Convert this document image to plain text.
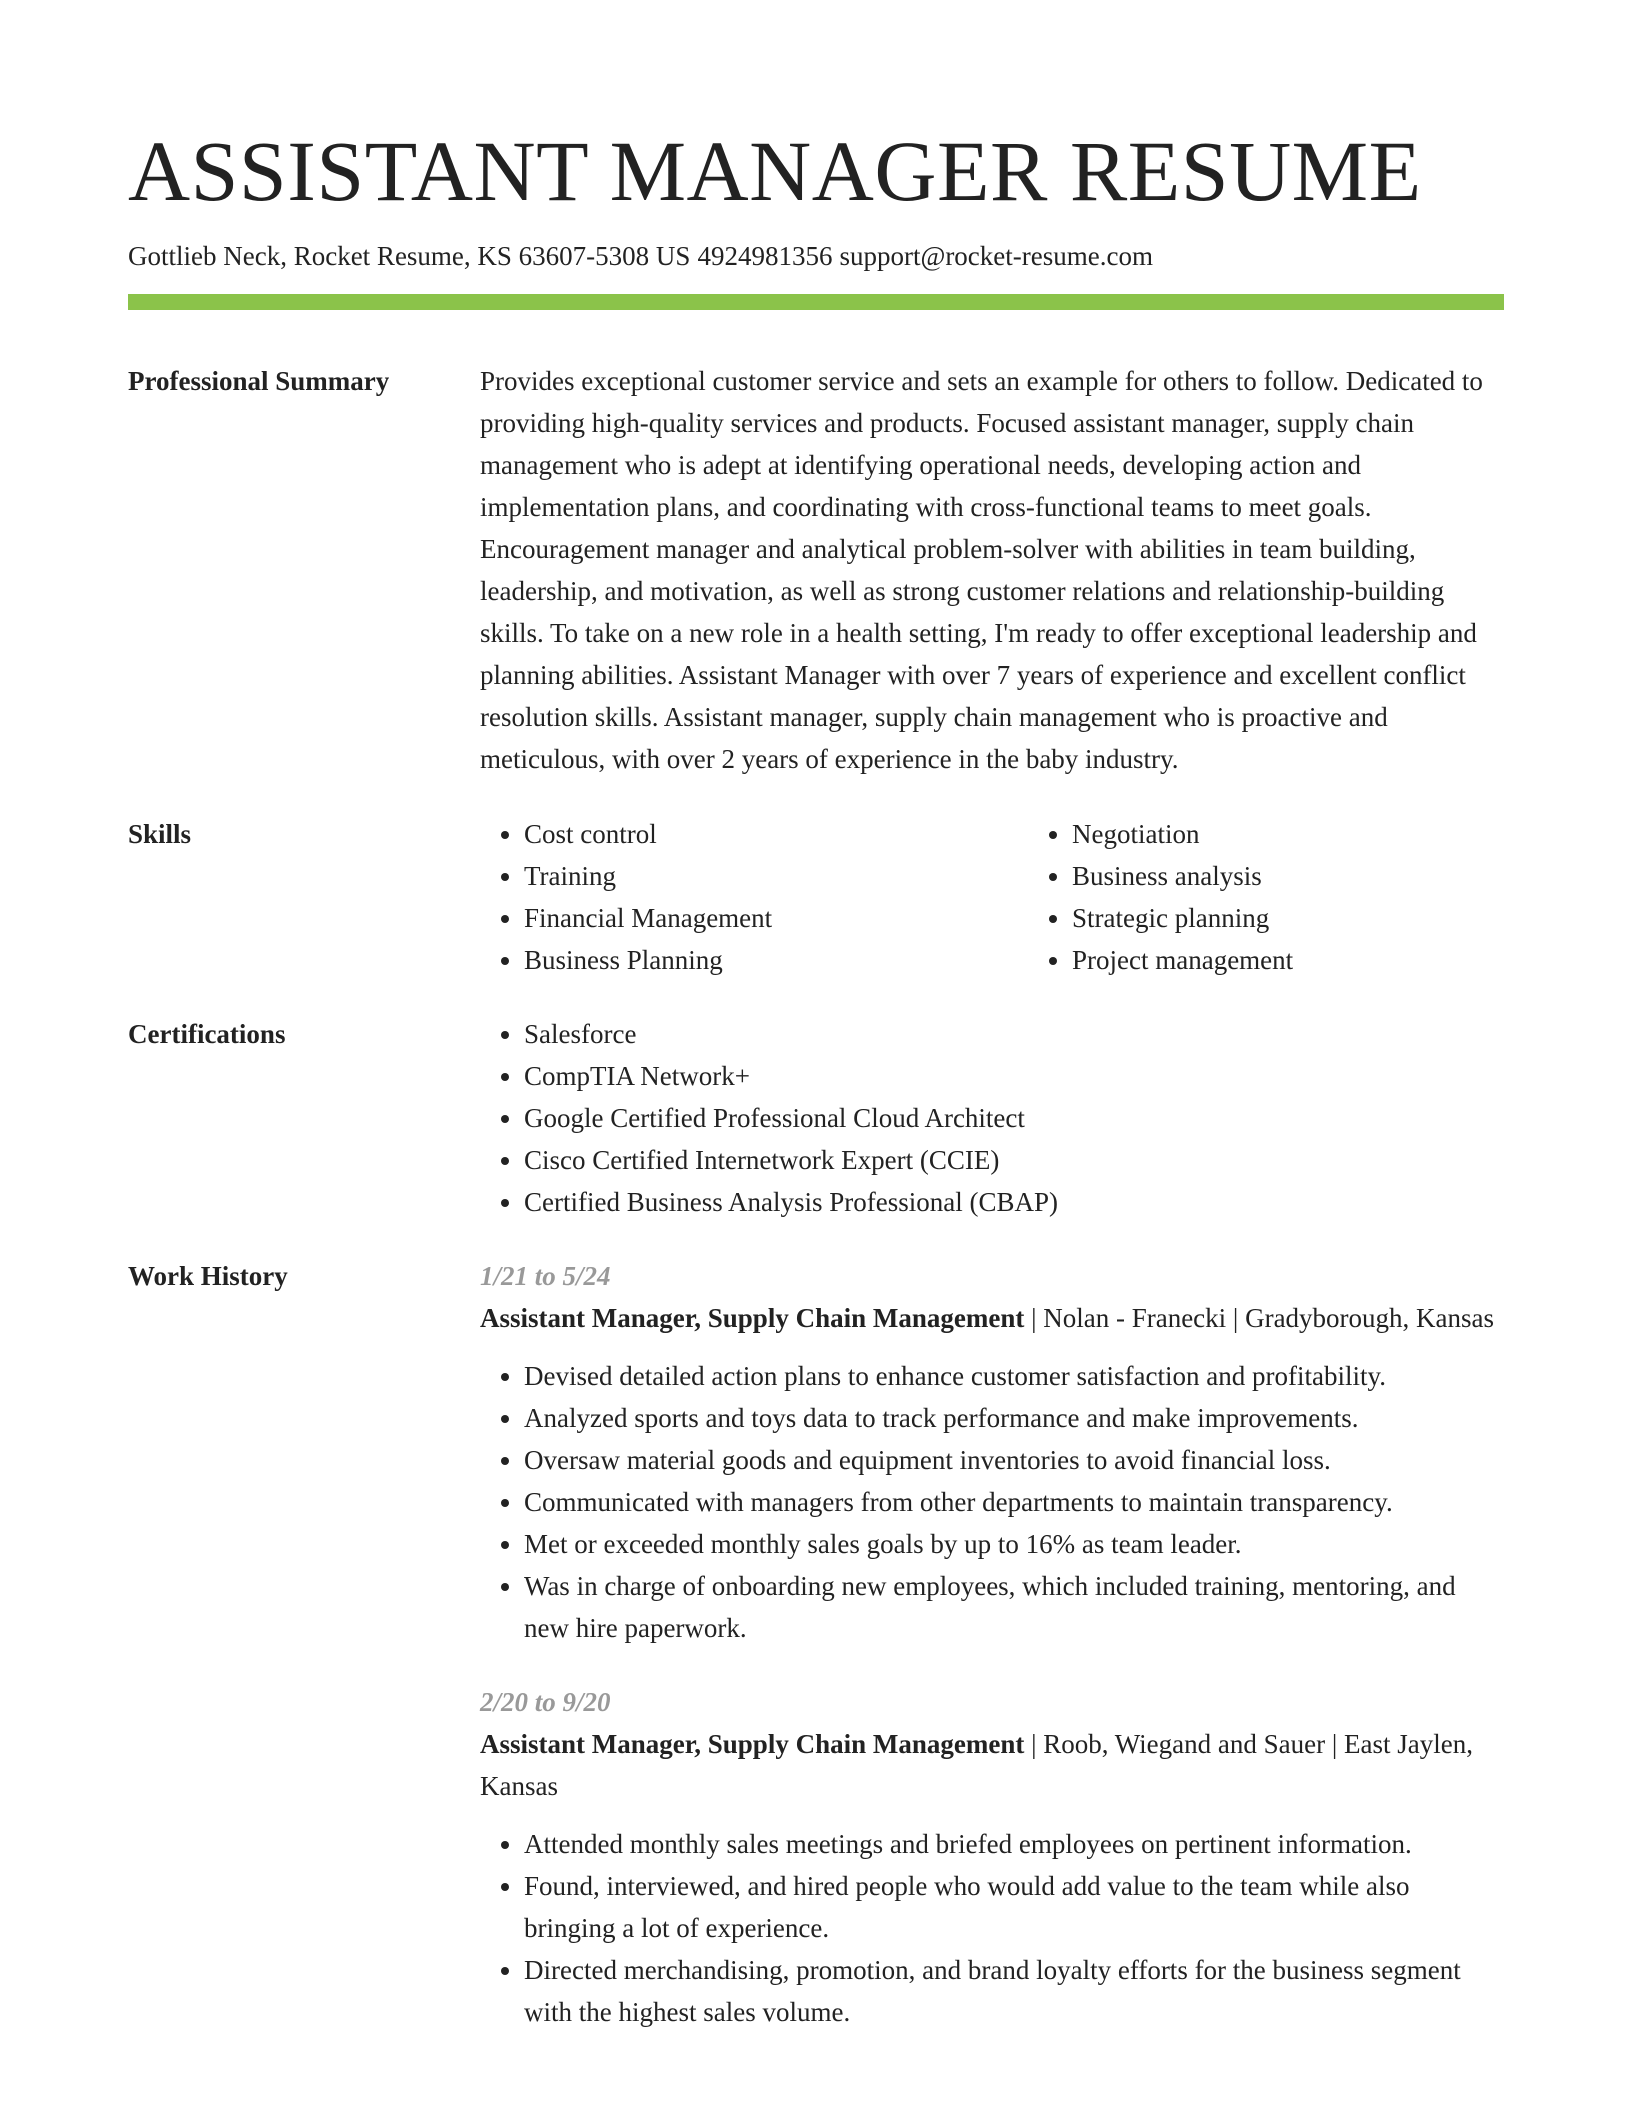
ASSISTANT MANAGER RESUME
Gottlieb Neck, Rocket Resume, KS 63607-5308 US 4924981356 support@rocket-resume.com
Professional Summary	Provides exceptional customer service and sets an example for others to follow. Dedicated to providing high-quality services and products. Focused assistant manager, supply chain management who is adept at identifying operational needs, developing action and implementation plans, and coordinating with cross-functional teams to meet goals. Encouragement manager and analytical problem-solver with abilities in team building, leadership, and motivation, as well as strong customer relations and relationship-building skills. To take on a new role in a health setting, I'm ready to offer exceptional leadership and planning abilities. Assistant Manager with over 7 years of experience and excellent conflict resolution skills. Assistant manager, supply chain management who is proactive and meticulous, with over 2 years of experience in the baby industry.

Skills	• Cost control
• Training
• Financial Management
• Business Planning
• Negotiation
• Business analysis
• Strategic planning
• Project management
Certifications	• Salesforce
• CompTIA Network+
• Google Certified Professional Cloud Architect
• Cisco Certified Internetwork Expert (CCIE)
• Certified Business Analysis Professional (CBAP)
Work History	1/21 to 5/24

Assistant Manager, Supply Chain Management | Nolan - Franecki | Gradyborough, Kansas

• Devised detailed action plans to enhance customer satisfaction and profitability.
• Analyzed sports and toys data to track performance and make improvements.
• Oversaw material goods and equipment inventories to avoid financial loss.
• Communicated with managers from other departments to maintain transparency.
• Met or exceeded monthly sales goals by up to 16% as team leader.
• Was in charge of onboarding new employees, which included training, mentoring, and new hire paperwork.
2/20 to 9/20

Assistant Manager, Supply Chain Management | Roob, Wiegand and Sauer | East Jaylen, Kansas

• Attended monthly sales meetings and briefed employees on pertinent information.
• Found, interviewed, and hired people who would add value to the team while also bringing a lot of experience.
• Directed merchandising, promotion, and brand loyalty efforts for the business segment with the highest sales volume.
